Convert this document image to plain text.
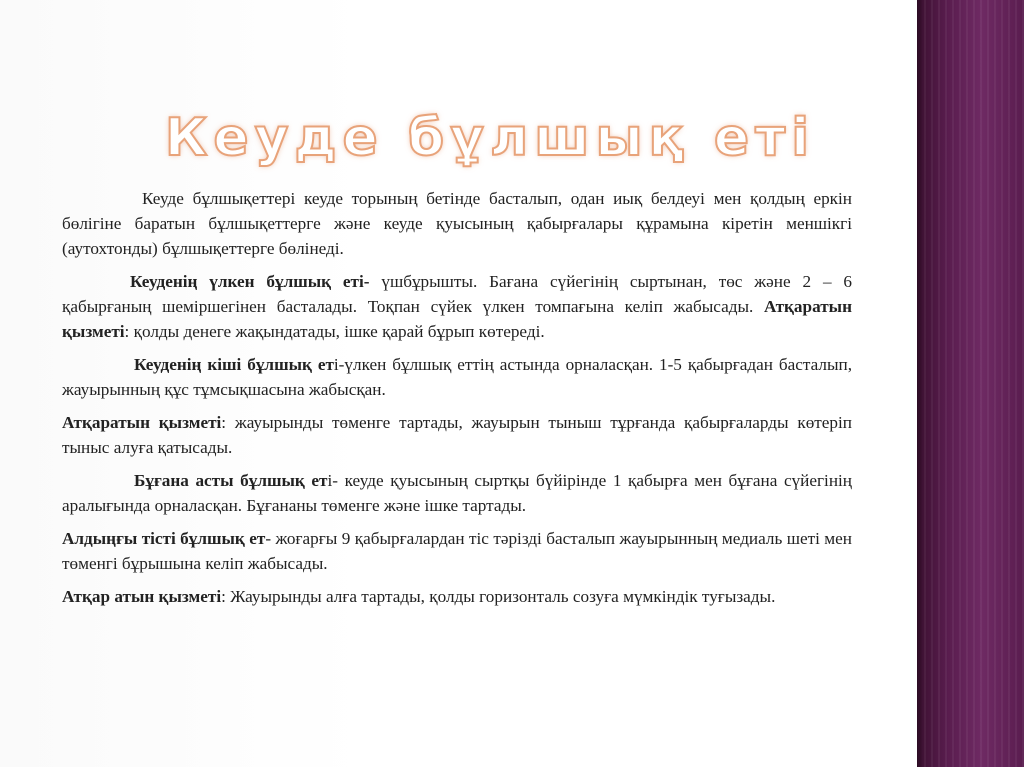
Кеуде бұлшық еті

Кеуде бұлшықеттері кеуде торының бетінде басталып, одан иық белдеуі мен қолдың еркін бөлігіне баратын бұлшықеттерге және кеуде қуысының қабырғалары құрамына кіретін меншікгі (аутохтонды) бұлшықеттерге бөлінеді.

Кеуденің үлкен бұлшық еті- үшбұрышты. Бағана сүйегінің сыртынан, төс және 2 – 6 қабырғаның шеміршегінен басталады. Тоқпан сүйек үлкен томпағына келіп жабысады. Атқаратын қызметі: қолды денеге жақындатады, ішке қарай бұрып көтереді.

Кеуденің кіші бұлшық еті-үлкен бұлшық еттің астында орналасқан. 1-5 қабырғадан басталып, жауырынның құс тұмсықшасына жабысқан.

Атқаратын қызметі: жауырынды төменге тартады, жауырын тыныш тұрғанда қабырғаларды көтеріп тыныс алуға қатысады.

Бұғана асты бұлшық еті- кеуде қуысының сыртқы бүйірінде 1 қабырға мен бұғана сүйегінің аралығында орналасқан. Бұғананы төменге және ішке тартады.

Алдыңғы тісті бұлшық ет- жоғарғы 9 қабырғалардан тіс тәрізді басталып жауырынның медиаль шеті мен төменгі бұрышына келіп жабысады.

Атқар атын қызметі: Жауырынды алға тартады, қолды горизонталь созуға мүмкіндік туғызады.
